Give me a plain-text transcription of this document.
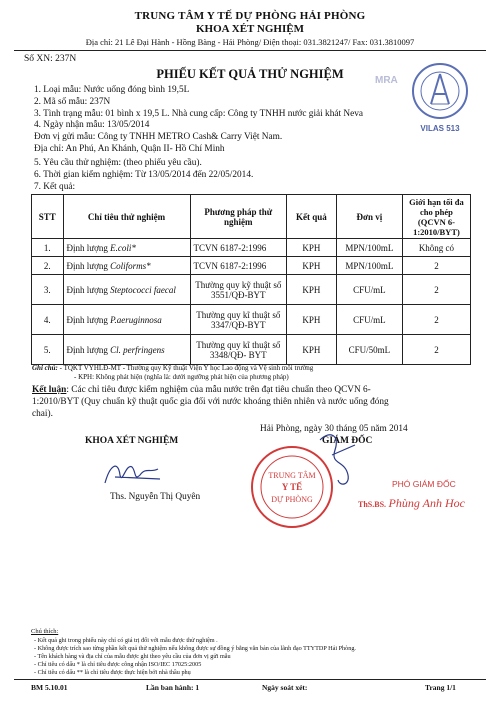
TRUNG TÂM Y TẾ DỰ PHÒNG HẢI PHÒNG
KHOA XÉT NGHIỆM
Địa chỉ: 21 Lê Đại Hành - Hồng Bàng - Hải Phòng/ Điện thoại: 031.3821247/ Fax: 031.3810097
Số XN: 237N
VILAS 513
MRA
PHIẾU KẾT QUẢ THỬ NGHIỆM
1. Loại mẫu: Nước uống đóng bình 19,5L
2. Mã số mẫu: 237N
3. Tình trạng mẫu: 01 bình x 19,5 L. Nhà cung cấp: Công ty TNHH nước giải khát Neva
4. Ngày nhận mẫu: 13/05/2014
Đơn vị gửi mẫu: Công ty TNHH METRO Cash& Carry Việt Nam.
Địa chỉ: An Phú, An Khánh, Quận II- Hồ Chí Minh
5. Yêu cầu thử nghiệm: (theo phiếu yêu cầu).
6. Thời gian kiểm nghiệm: Từ 13/05/2014 đến 22/05/2014.
7. Kết quả:
STT	Chỉ tiêu thử nghiệm	Phương pháp thử nghiệm	Kết quả	Đơn vị	Giới hạn tối đa cho phép (QCVN 6-1:2010/BYT)
1.	Định lượng E.coli*	TCVN 6187-2:1996	KPH	MPN/100mL	Không có
2.	Định lượng Coliforms*	TCVN 6187-2:1996	KPH	MPN/100mL	2
3.	Định lượng Steptococci faecal	Thường quy kỹ thuật số 3551/QĐ-BYT	KPH	CFU/mL	2
4.	Định lượng P.aeruginnosa	Thường quy kĩ thuật số 3347/QĐ-BYT	KPH	CFU/mL	2
5.	Định lượng Cl. perfringens	Thường quy kĩ thuật số 3348/QĐ- BYT	KPH	CFU/50mL	2
Ghi chú: - TQKT VYHLĐ-MT - Thường quy Kỹ thuật Viện Y học Lao động và Vệ sinh môi trường
- KPH: Không phát hiện (nghĩa là: dưới ngưỡng phát hiện của phương pháp)
Kết luận: Các chỉ tiêu được kiểm nghiệm của mẫu nước trên đạt tiêu chuẩn theo QCVN 6-
1:2010/BYT (Quy chuẩn kỹ thuật quốc gia đối với nước khoáng thiên nhiên và nước uống đóng
chai).
Hải Phòng, ngày 30 tháng 05 năm 2014
KHOA XÉT NGHIỆM	GIÁM ĐỐC
Ths. Nguyễn Thị Quyên
TRUNG TÂM
Y TẾ
DỰ PHÒNG
PHÓ GIÁM ĐỐC
ThS.BS. Phùng Anh Hoc
Chú thích:
- Kết quả ghi trong phiếu này chỉ có giá trị đối với mẫu được thử nghiệm .
- Không được trích sao từng phần kết quả thử nghiệm nếu không được sự đồng ý bằng văn bản của lãnh đạo TTYTDP Hải Phòng.
- Tên khách hàng và địa chỉ của mẫu được ghi theo yêu cầu của đơn vị gửi mẫu
- Chỉ tiêu có dấu * là chỉ tiêu được công nhận ISO/IEC 17025:2005
- Chỉ tiêu có dấu ** là chỉ tiêu được thực hiện bởi nhà thầu phụ
BM 5.10.01	Lần ban hành: 1	Ngày soát xét:	Trang 1/1
